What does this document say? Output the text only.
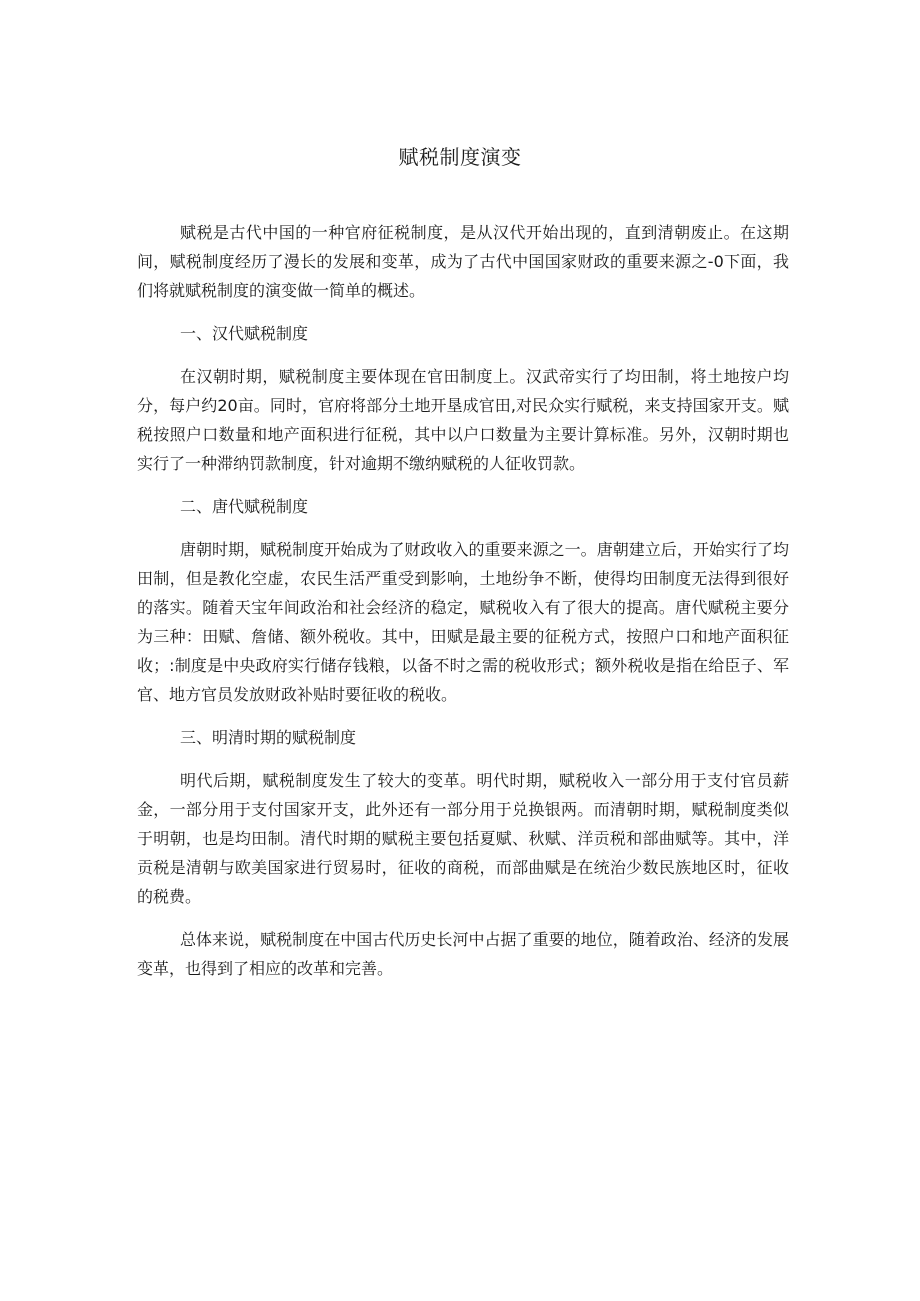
赋税制度演变

赋税是古代中国的一种官府征税制度，是从汉代开始出现的，直到清朝废止。在这期间，赋税制度经历了漫长的发展和变革，成为了古代中国国家财政的重要来源之-0下面，我们将就赋税制度的演变做一简单的概述。

一、汉代赋税制度

在汉朝时期，赋税制度主要体现在官田制度上。汉武帝实行了均田制，将土地按户均分，每户约20亩。同时，官府将部分土地开垦成官田,对民众实行赋税，来支持国家开支。赋税按照户口数量和地产面积进行征税，其中以户口数量为主要计算标准。另外，汉朝时期也实行了一种滞纳罚款制度，针对逾期不缴纳赋税的人征收罚款。

二、唐代赋税制度

唐朝时期，赋税制度开始成为了财政收入的重要来源之一。唐朝建立后，开始实行了均田制，但是教化空虚，农民生活严重受到影响，土地纷争不断，使得均田制度无法得到很好的落实。随着天宝年间政治和社会经济的稳定，赋税收入有了很大的提高。唐代赋税主要分为三种：田赋、詹储、额外税收。其中，田赋是最主要的征税方式，按照户口和地产面积征收；:制度是中央政府实行储存钱粮，以备不时之需的税收形式；额外税收是指在给臣子、军官、地方官员发放财政补贴时要征收的税收。

三、明清时期的赋税制度

明代后期，赋税制度发生了较大的变革。明代时期，赋税收入一部分用于支付官员薪金，一部分用于支付国家开支，此外还有一部分用于兑换银两。而清朝时期，赋税制度类似于明朝，也是均田制。清代时期的赋税主要包括夏赋、秋赋、洋贡税和部曲赋等。其中，洋贡税是清朝与欧美国家进行贸易时，征收的商税，而部曲赋是在统治少数民族地区时，征收的税费。

总体来说，赋税制度在中国古代历史长河中占据了重要的地位，随着政治、经济的发展变革，也得到了相应的改革和完善。
